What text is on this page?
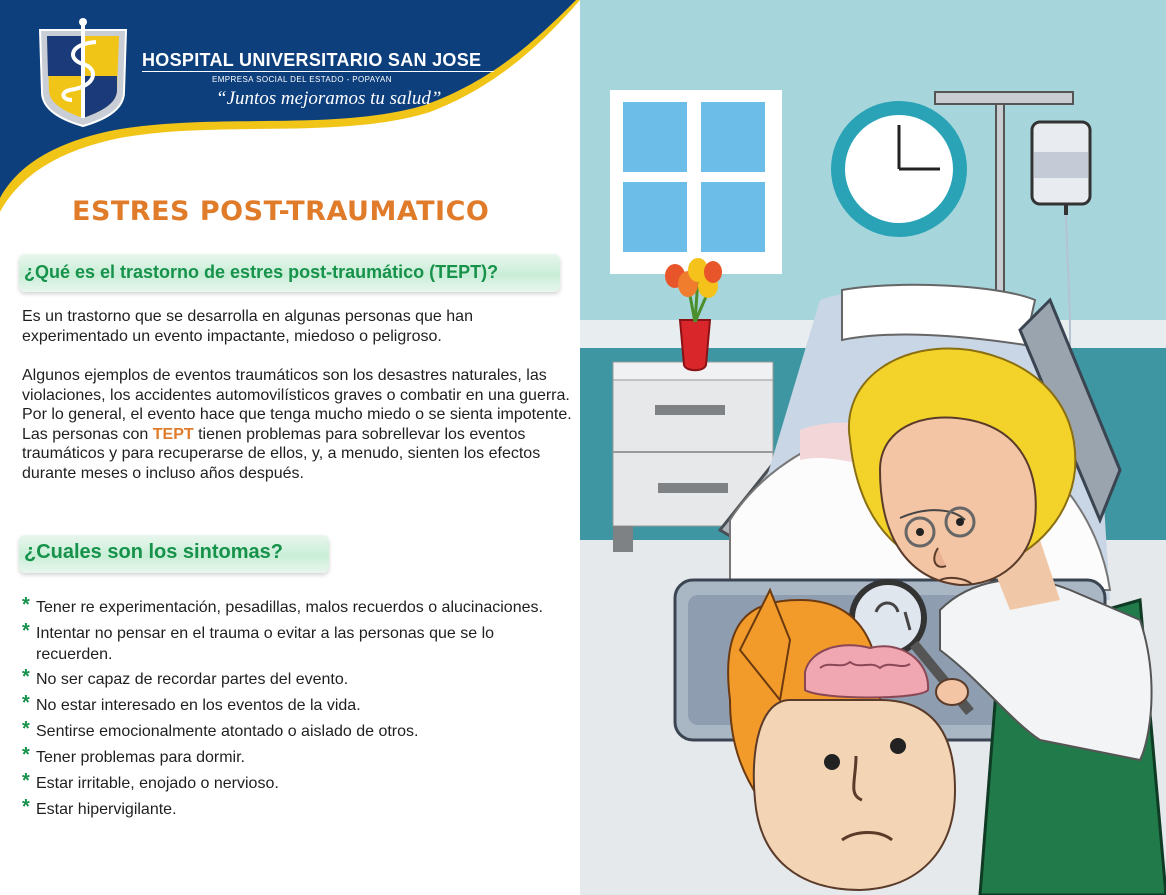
HOSPITAL UNIVERSITARIO SAN JOSE
EMPRESA SOCIAL DEL ESTADO - POPAYAN
“Juntos mejoramos tu salud”
ESTRES POST-TRAUMATICO
¿Qué es el trastorno de estres post-traumático (TEPT)?
Es un trastorno que se desarrolla en algunas personas que han experimentado un evento impactante, miedoso o peligroso.
Algunos ejemplos de eventos traumáticos son los desastres naturales, las violaciones, los accidentes automovilísticos graves o combatir en una guerra.
Por lo general, el evento hace que tenga mucho miedo o se sienta impotente.
Las personas con TEPT tienen problemas para sobrellevar los eventos traumáticos y para recuperarse de ellos, y, a menudo, sienten los efectos durante meses o incluso años después.
¿Cuales son los sintomas?
* Tener re experimentación, pesadillas, malos recuerdos o alucinaciones.
* Intentar no pensar en el trauma o evitar a las personas que se lo recuerden.
* No ser capaz de recordar partes del evento.
* No estar interesado en los eventos de la vida.
* Sentirse emocionalmente atontado o aislado de otros.
* Tener problemas para dormir.
* Estar irritable, enojado o nervioso.
* Estar hipervigilante.
